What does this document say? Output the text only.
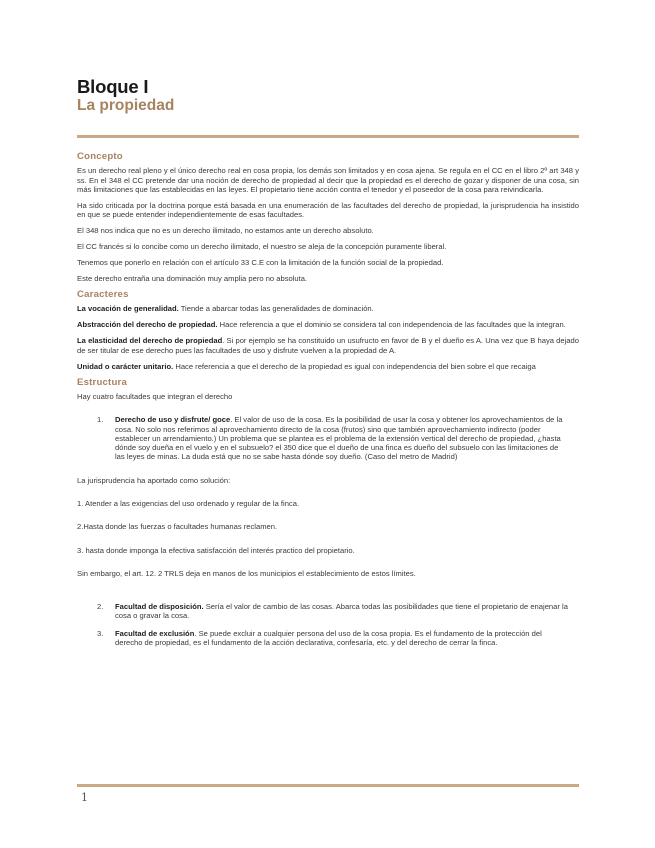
Bloque I
La propiedad
Concepto

Es un derecho real pleno y el único derecho real en cosa propia, los demás son limitados y en cosa ajena. Se regula en el CC en el libro 2º art 348 y ss. En el 348 el CC pretende dar una noción de derecho de propiedad al decir que la propiedad es el derecho de gozar y disponer de una cosa, sin más limitaciones que las establecidas en las leyes. El propietario tiene acción contra el tenedor y el poseedor de la cosa para reivindicarla.

Ha sido criticada por la doctrina porque está basada en una enumeración de las facultades del derecho de propiedad, la jurisprudencia ha insistido en que se puede entender independientemente de esas facultades.

El 348 nos indica que no es un derecho ilimitado, no estamos ante un derecho absoluto.

El CC francés si lo concibe como un derecho ilimitado, el nuestro se aleja de la concepción puramente liberal.

Tenemos que ponerlo en relación con el artículo 33 C.E con la limitación de la función social de la propiedad.

Este derecho entraña una dominación muy amplia pero no absoluta.

Caracteres

La vocación de generalidad. Tiende a abarcar todas las generalidades de dominación.

Abstracción del derecho de propiedad. Hace referencia a que el dominio se considera tal con independencia de las facultades que la integran.

La elasticidad del derecho de propiedad. Si por ejemplo se ha constituido un usufructo en favor de B y el dueño es A. Una vez que B haya dejado de ser titular de ese derecho pues las facultades de uso y disfrute vuelven a la propiedad de A.

Unidad o carácter unitario. Hace referencia a que el derecho de la propiedad es igual con independencia del bien sobre el que recaiga

Estructura

Hay cuatro facultades que integran el derecho

1. Derecho de uso y disfrute/ goce. El valor de uso de la cosa. Es la posibilidad de usar la cosa y obtener los aprovechamientos de la cosa. No solo nos referimos al aprovechamiento directo de la cosa (frutos) sino que también aprovechamiento indirecto (poder establecer un arrendamiento.) Un problema que se plantea es el problema de la extensión vertical del derecho de propiedad, ¿hasta dónde soy dueña en el vuelo y en el subsuelo? el 350 dice que el dueño de una finca es dueño del subsuelo con las limitaciones de las leyes de minas. La duda está que no se sabe hasta dónde soy dueño. (Caso del metro de Madrid)

La jurisprudencia ha aportado como solución:

1. Atender a las exigencias del uso ordenado y regular de la finca.

2.Hasta donde las fuerzas o facultades humanas reclamen.

3. hasta donde imponga la efectiva satisfacción del interés practico del propietario.

Sin embargo, el art. 12. 2 TRLS deja en manos de los municipios el establecimiento de estos límites.

2. Facultad de disposición. Sería el valor de cambio de las cosas. Abarca todas las posibilidades que tiene el propietario de enajenar la cosa o gravar la cosa.
3. Facultad de exclusión. Se puede excluir a cualquier persona del uso de la cosa propia. Es el fundamento de la protección del derecho de propiedad, es el fundamento de la acción declarativa, confesaría, etc. y del derecho de cerrar la finca.
1
